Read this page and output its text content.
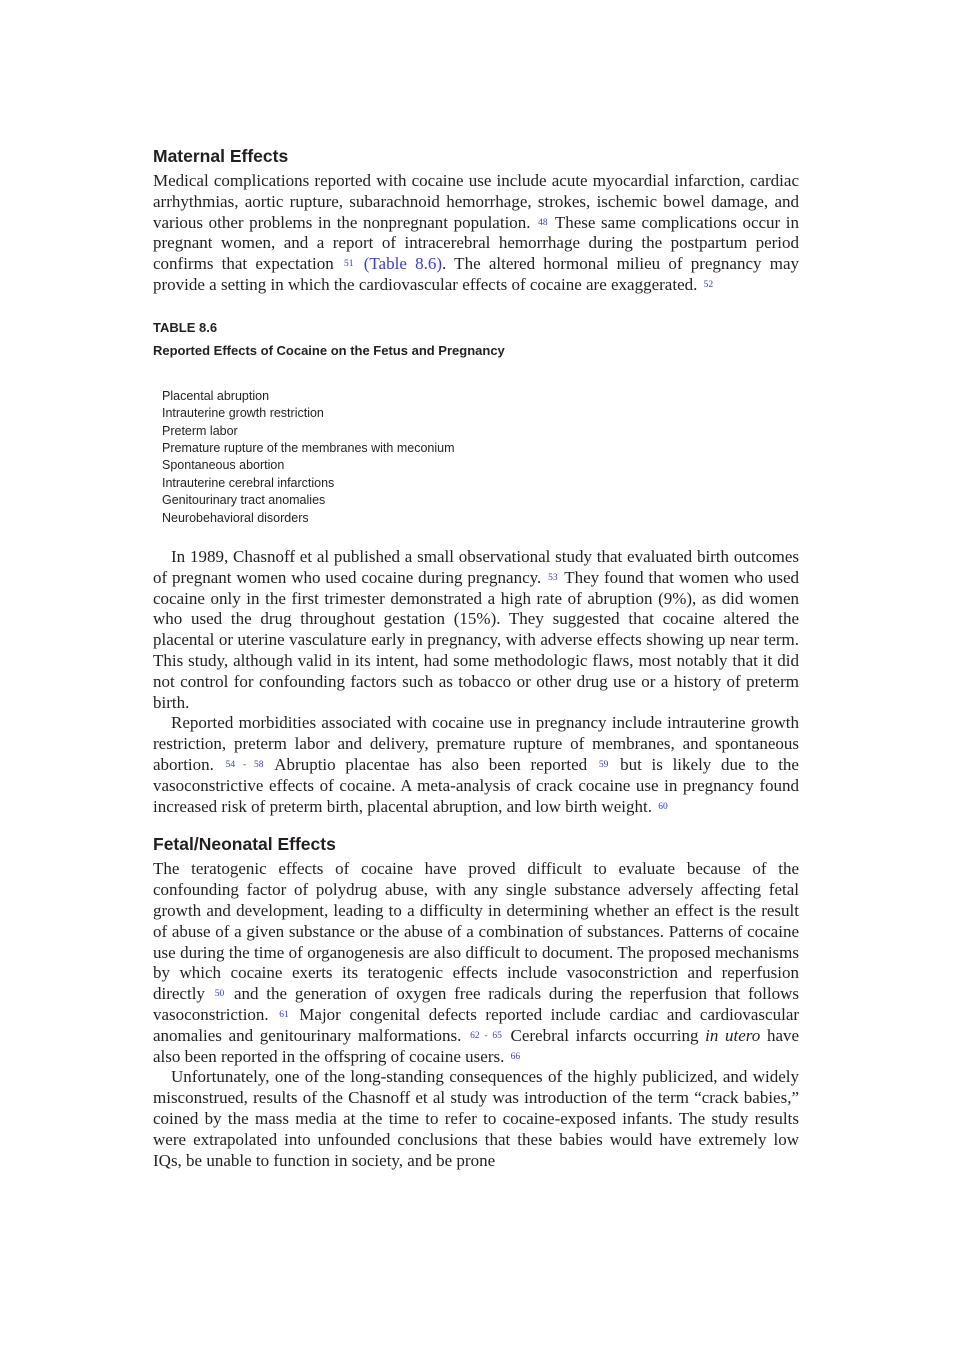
Maternal Effects

Medical complications reported with cocaine use include acute myocardial infarction, cardiac arrhythmias, aortic rupture, subarachnoid hemorrhage, strokes, ischemic bowel damage, and various other problems in the nonpregnant population. $^{48}$ These same complications occur in pregnant women, and a report of intracerebral hemorrhage during the postpartum period confirms that expectation $^{51}$ (Table 8.6). The altered hormonal milieu of pregnancy may provide a setting in which the cardiovascular effects of cocaine are exaggerated. $^{52}$

TABLE 8.6

Reported Effects of Cocaine on the Fetus and Pregnancy

Placental abruption
Intrauterine growth restriction
Preterm labor
Premature rupture of the membranes with meconium
Spontaneous abortion
Intrauterine cerebral infarctions
Genitourinary tract anomalies
Neurobehavioral disorders

In 1989, Chasnoff et al published a small observational study that evaluated birth outcomes of pregnant women who used cocaine during pregnancy. $^{53}$ They found that women who used cocaine only in the first trimester demonstrated a high rate of abruption (9%), as did women who used the drug throughout gestation (15%). They suggested that cocaine altered the placental or uterine vasculature early in pregnancy, with adverse effects showing up near term. This study, although valid in its intent, had some methodologic flaws, most notably that it did not control for confounding factors such as tobacco or other drug use or a history of preterm birth.

Reported morbidities associated with cocaine use in pregnancy include intrauterine growth restriction, preterm labor and delivery, premature rupture of membranes, and spontaneous abortion. $^{54 - 58}$ Abruptio placentae has also been reported $^{59}$ but is likely due to the vasoconstrictive effects of cocaine. A meta-analysis of crack cocaine use in pregnancy found increased risk of preterm birth, placental abruption, and low birth weight. $^{60}$

Fetal/Neonatal Effects

The teratogenic effects of cocaine have proved difficult to evaluate because of the confounding factor of polydrug abuse, with any single substance adversely affecting fetal growth and development, leading to a difficulty in determining whether an effect is the result of abuse of a given substance or the abuse of a combination of substances. Patterns of cocaine use during the time of organogenesis are also difficult to document. The proposed mechanisms by which cocaine exerts its teratogenic effects include vasoconstriction and reperfusion directly $^{50}$ and the generation of oxygen free radicals during the reperfusion that follows vasoconstriction. $^{61}$ Major congenital defects reported include cardiac and cardiovascular anomalies and genitourinary malformations. $^{62 - 65}$ Cerebral infarcts occurring in utero have also been reported in the offspring of cocaine users. $^{66}$

Unfortunately, one of the long-standing consequences of the highly publicized, and widely misconstrued, results of the Chasnoff et al study was introduction of the term “crack babies,” coined by the mass media at the time to refer to cocaine-exposed infants. The study results were extrapolated into unfounded conclusions that these babies would have extremely low IQs, be unable to function in society, and be prone
